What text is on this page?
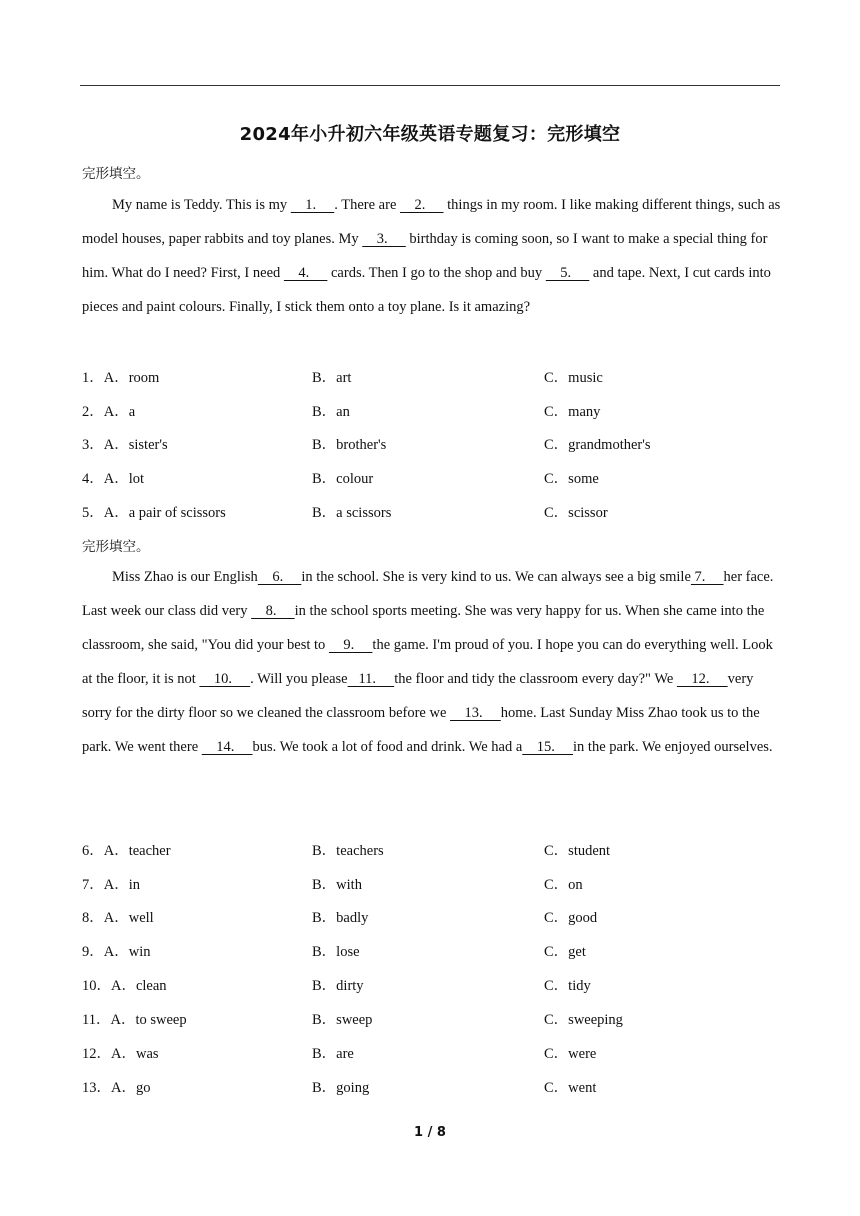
2024年小升初六年级英语专题复习：完形填空
完形填空。

My name is Teddy. This is my     1.     . There are     2.      things in my room. I like making different things, such as model houses, paper rabbits and toy planes. My     3.      birthday is coming soon, so I want to make a special thing for him. What do I need? First, I need     4.      cards. Then I go to the shop and buy     5.      and tape. Next, I cut cards into pieces and paint colours. Finally, I stick them onto a toy plane. Is it amazing?

1．A．room	B．art	C．music
2．A．a	B．an	C．many
3．A．sister's	B．brother's	C．grandmother's
4．A．lot	B．colour	C．some
5．A．a pair of scissors	B．a scissors	C．scissor
完形填空。

Miss Zhao is our English    6.     in the school. She is very kind to us. We can always see a big smile 7.     her face. Last week our class did very     8.     in the school sports meeting. She was very happy for us. When she came into the classroom, she said, "You did your best to     9.     the game. I'm proud of you. I hope you can do everything well. Look at the floor, it is not     10.     . Will you please   11.     the floor and tidy the classroom every day?" We     12.     very sorry for the dirty floor so we cleaned the classroom before we     13.     home. Last Sunday Miss Zhao took us to the park. We went there     14.     bus. We took a lot of food and drink. We had a    15.     in the park. We enjoyed ourselves.

6．A．teacher	B．teachers	C．student
7．A．in	B．with	C．on
8．A．well	B．badly	C．good
9．A．win	B．lose	C．get
10．A．clean	B．dirty	C．tidy
11．A．to sweep	B．sweep	C．sweeping
12．A．was	B．are	C．were
13．A．go	B．going	C．went
1 / 8
